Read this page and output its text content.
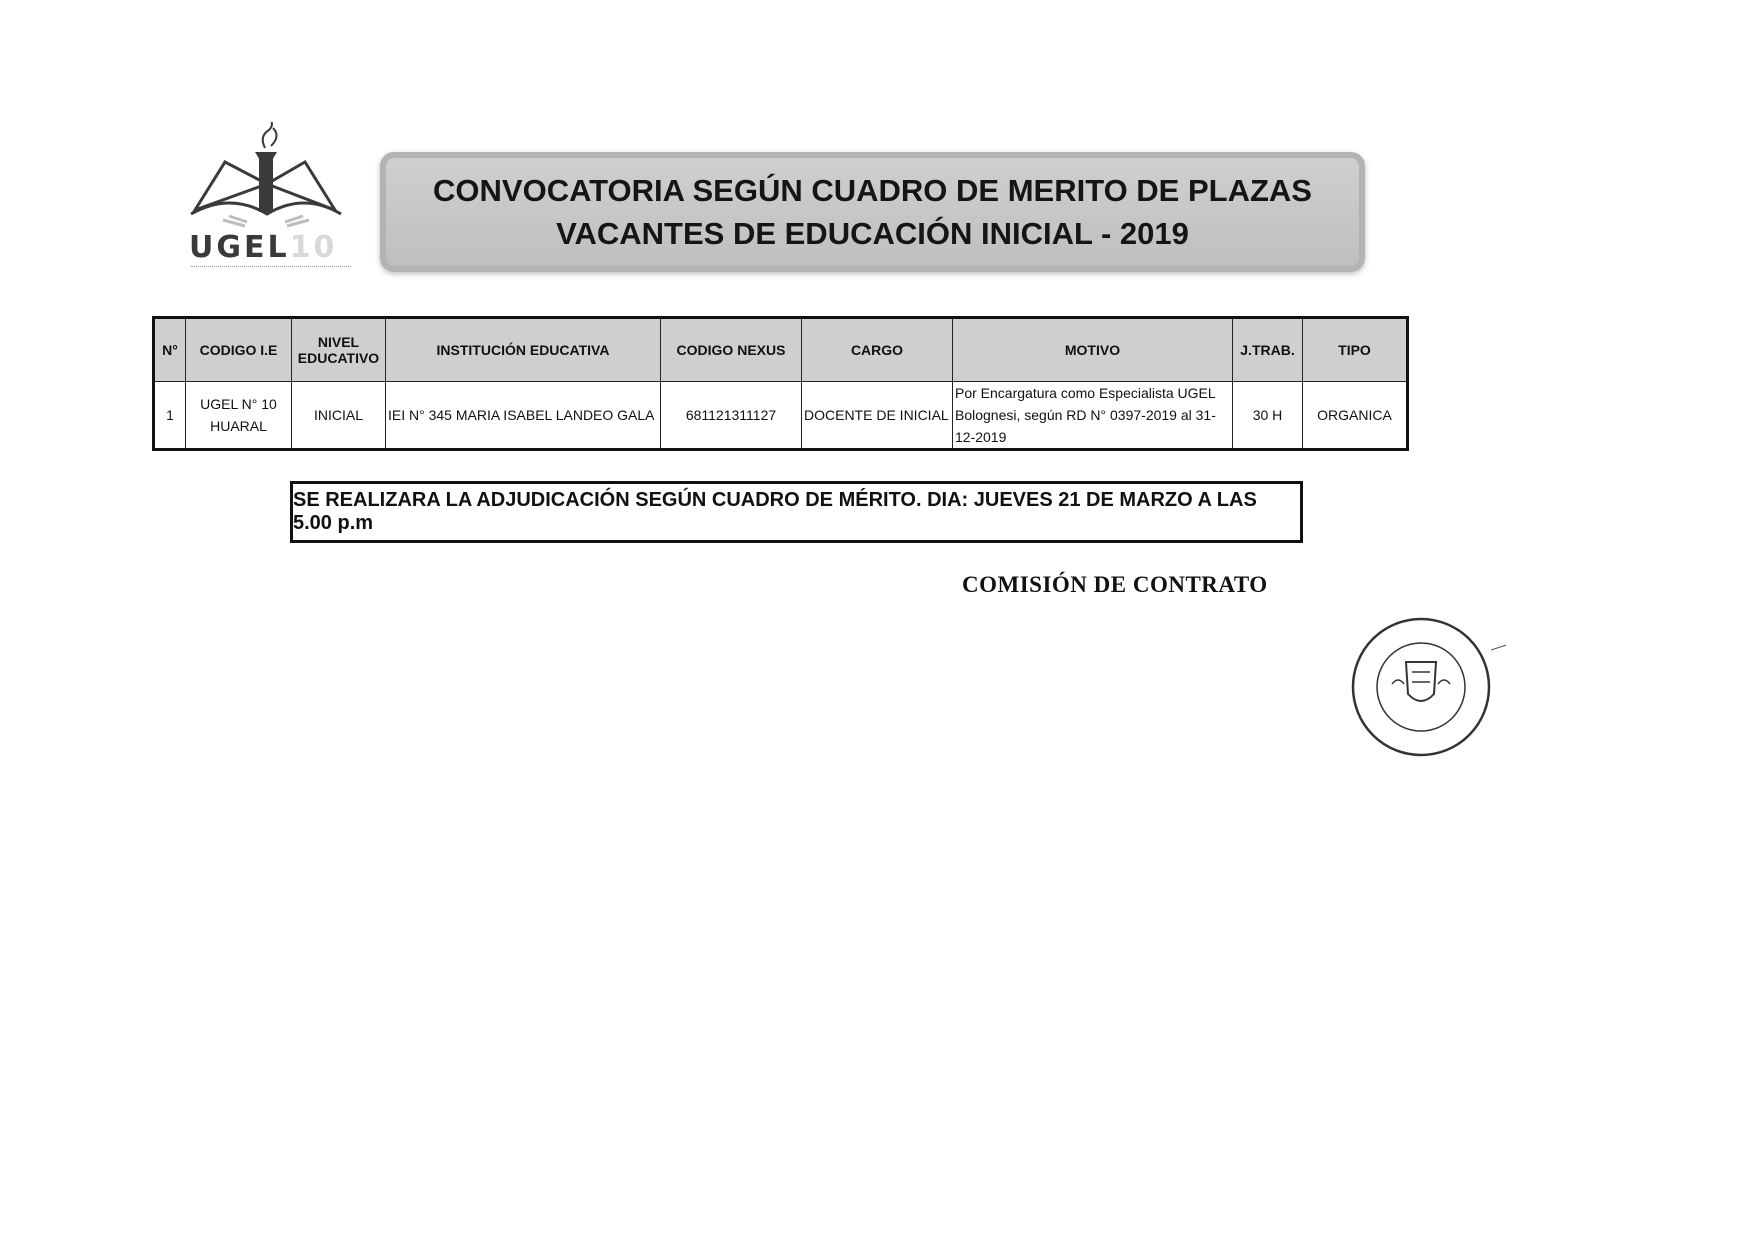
UGEL10
CONVOCATORIA SEGÚN CUADRO DE MERITO DE PLAZAS
VACANTES DE EDUCACIÓN INICIAL - 2019
N°	CODIGO I.E	NIVEL EDUCATIVO	INSTITUCIÓN EDUCATIVA	CODIGO NEXUS	CARGO	MOTIVO	J.TRAB.	TIPO
1	UGEL N° 10 HUARAL	INICIAL	IEI N° 345 MARIA ISABEL LANDEO GALA	681121311127	DOCENTE DE INICIAL	Por Encargatura como Especialista UGEL Bolognesi, según RD N° 0397-2019 al 31-12-2019	30 H	ORGANICA
SE REALIZARA LA ADJUDICACIÓN SEGÚN CUADRO DE MÉRITO. DIA: JUEVES 21 DE MARZO A LAS 5.00 p.m
COMISIÓN DE CONTRATO
